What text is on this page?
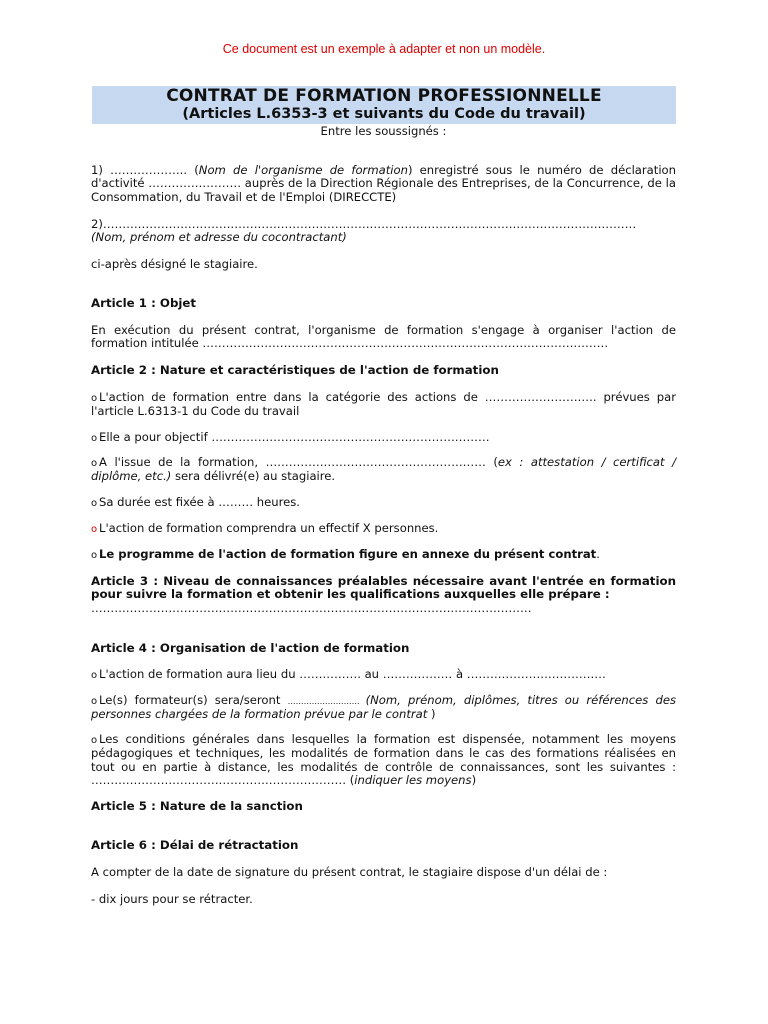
Ce document est un exemple à adapter et non un modèle.
CONTRAT DE FORMATION PROFESSIONNELLE
(Articles L.6353-3 et suivants du Code du travail)

Entre les soussignés :

1) ……………….. (Nom de l'organisme de formation) enregistré sous le numéro de déclaration d'activité …………………… auprès de la Direction Régionale des Entreprises, de la Concurrence, de la Consommation, du Travail et de l'Emploi (DIRECCTE)

2)…………………………………………………………………………………………………………………………
(Nom, prénom et adresse du cocontractant)

ci-après désigné le stagiaire.

Article 1 : Objet

En exécution du présent contrat, l'organisme de formation s'engage à organiser l'action de formation intitulée ……………………………………………………………………………………………

Article 2 : Nature et caractéristiques de l'action de formation

o L'action de formation entre dans la catégorie des actions de ……………………….. prévues par l'article L.6313-1 du Code du travail

o Elle a pour objectif ………………………………………………………………

o A l'issue de la formation, ………………………………………………… (ex : attestation / certificat / diplôme, etc.) sera délivré(e) au stagiaire.

o Sa durée est fixée à ……… heures.

o L'action de formation comprendra un effectif X personnes.

o Le programme de l'action de formation figure en annexe du présent contrat.

Article 3 : Niveau de connaissances préalables nécessaire avant l'entrée en formation pour suivre la formation et obtenir les qualifications auxquelles elle prépare :

……………………………………………………………………………………………………

Article 4 : Organisation de l'action de formation

o L'action de formation aura lieu du ……………. au ……………… à ………………………………

o Le(s) formateur(s) sera/seront ……………………… (Nom, prénom, diplômes, titres ou références des personnes chargées de la formation prévue par le contrat )

o Les conditions générales dans lesquelles la formation est dispensée, notamment les moyens pédagogiques et techniques, les modalités de formation dans le cas des formations réalisées en tout ou en partie à distance, les modalités de contrôle de connaissances, sont les suivantes : ………………………………………………………… (indiquer les moyens)

Article 5 : Nature de la sanction

Article 6 : Délai de rétractation

A compter de la date de signature du présent contrat, le stagiaire dispose d'un délai de :

- dix jours pour se rétracter.
